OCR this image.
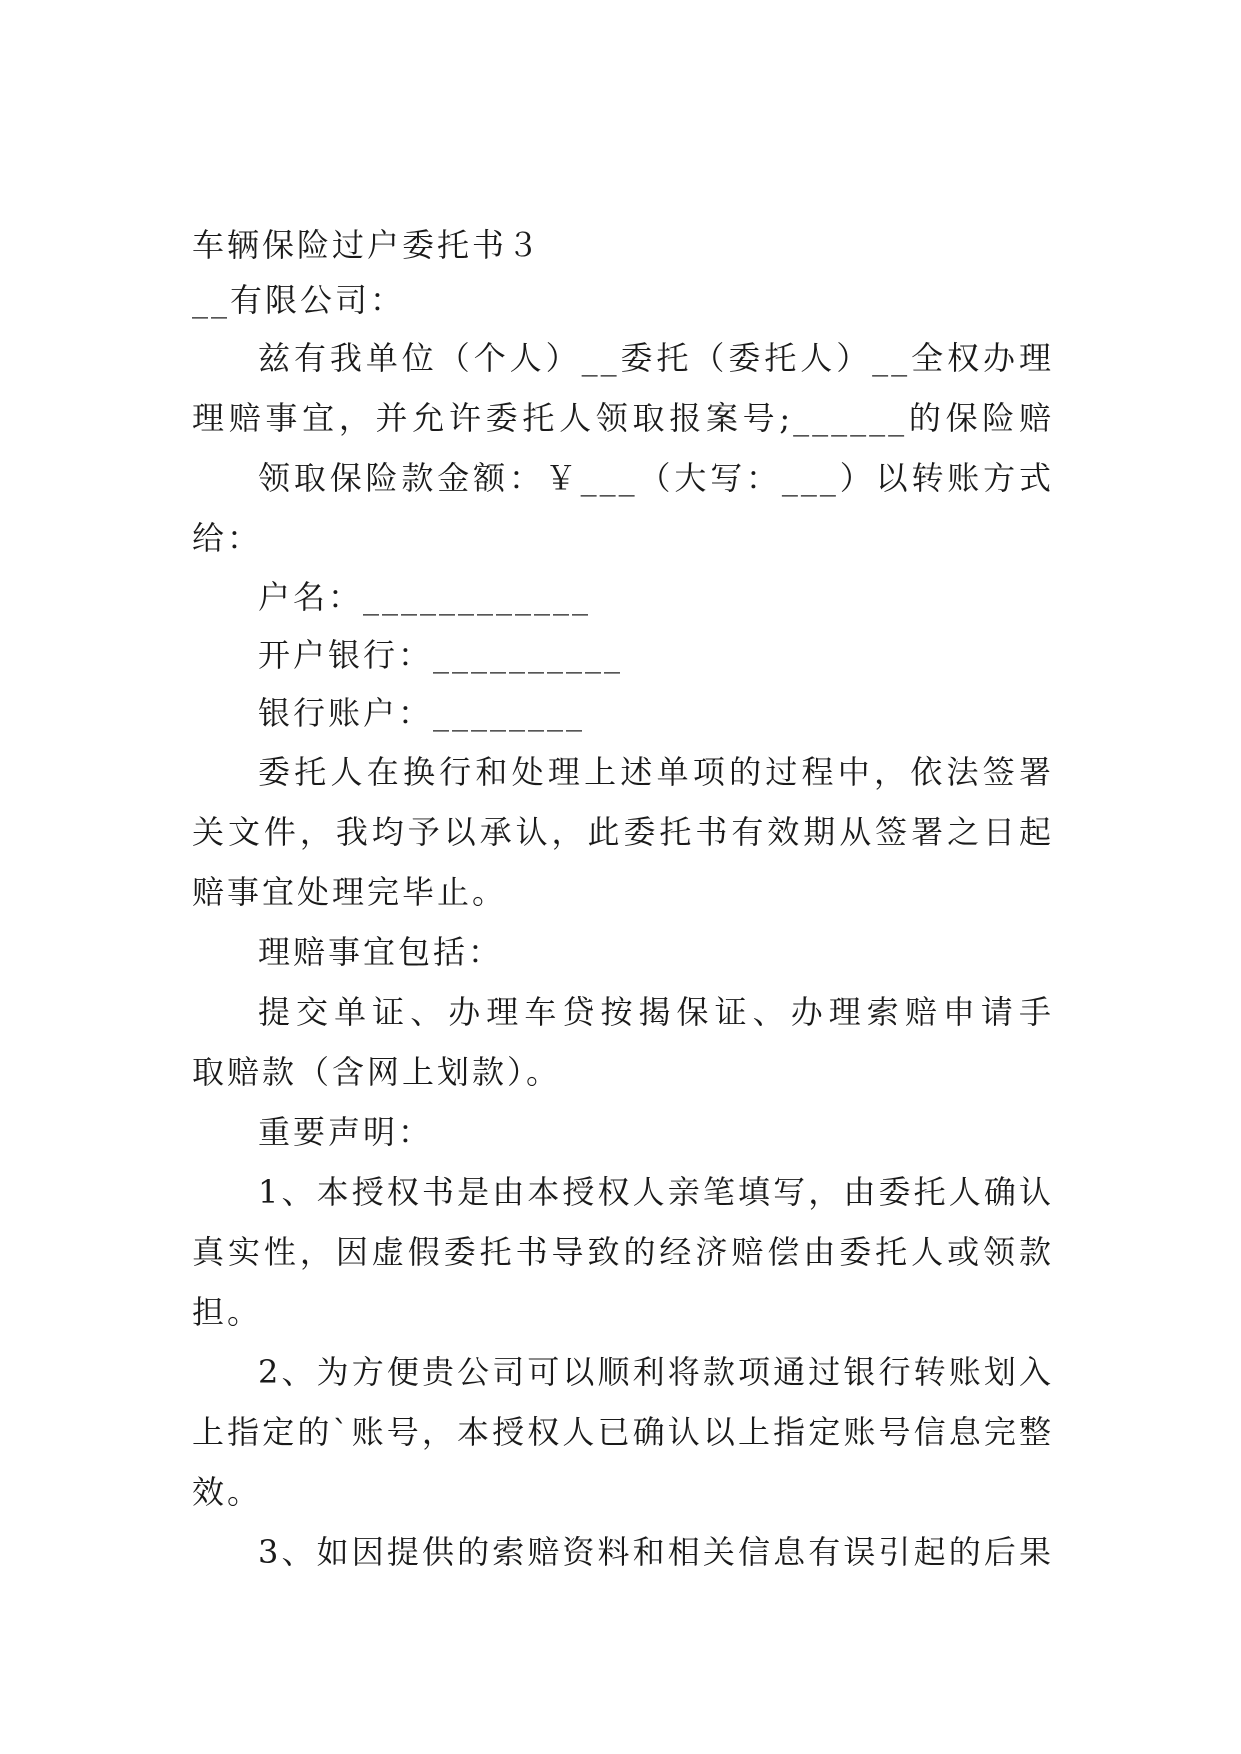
车辆保险过户委托书３
__有限公司：
兹有我单位（个人）__委托（委托人）__全权办理
理赔事宜，并允许委托人领取报案号;______的保险赔
领取保险款金额：￥___（大写：___）以转账方式
给：
户名：____________
开户银行：__________
银行账户：________
委托人在换行和处理上述单项的过程中，依法签署
关文件，我均予以承认，此委托书有效期从签署之日起
赔事宜处理完毕止。
理赔事宜包括：
提交单证、办理车贷按揭保证、办理索赔申请手
取赔款（含网上划款）。
重要声明：
1、本授权书是由本授权人亲笔填写，由委托人确认
真实性，因虚假委托书导致的经济赔偿由委托人或领款
担。
2、为方便贵公司可以顺利将款项通过银行转账划入
上指定的`账号，本授权人已确认以上指定账号信息完整
效。
3、如因提供的索赔资料和相关信息有误引起的后果
